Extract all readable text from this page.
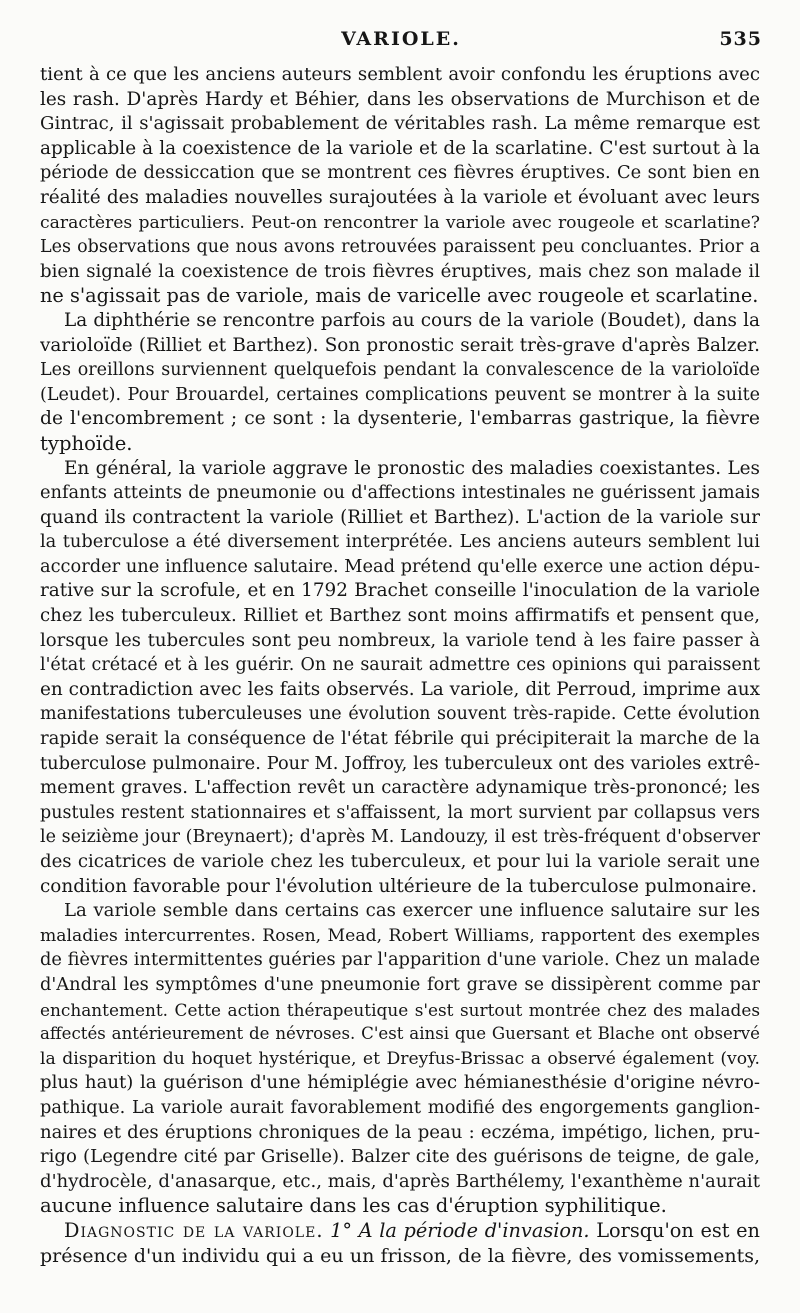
VARIOLE.	535
tient à ce que les anciens auteurs semblent avoir confondu les éruptions avec
les rash. D'après Hardy et Béhier, dans les observations de Murchison et de
Gintrac, il s'agissait probablement de véritables rash. La même remarque est
applicable à la coexistence de la variole et de la scarlatine. C'est surtout à la
période de dessiccation que se montrent ces fièvres éruptives. Ce sont bien en
réalité des maladies nouvelles surajoutées à la variole et évoluant avec leurs
caractères particuliers. Peut-on rencontrer la variole avec rougeole et scarlatine?
Les observations que nous avons retrouvées paraissent peu concluantes. Prior a
bien signalé la coexistence de trois fièvres éruptives, mais chez son malade il
ne s'agissait pas de variole, mais de varicelle avec rougeole et scarlatine.
La diphthérie se rencontre parfois au cours de la variole (Boudet), dans la
varioloïde (Rilliet et Barthez). Son pronostic serait très-grave d'après Balzer.
Les oreillons surviennent quelquefois pendant la convalescence de la varioloïde
(Leudet). Pour Brouardel, certaines complications peuvent se montrer à la suite
de l'encombrement ; ce sont : la dysenterie, l'embarras gastrique, la fièvre
typhoïde.
En général, la variole aggrave le pronostic des maladies coexistantes. Les
enfants atteints de pneumonie ou d'affections intestinales ne guérissent jamais
quand ils contractent la variole (Rilliet et Barthez). L'action de la variole sur
la tuberculose a été diversement interprétée. Les anciens auteurs semblent lui
accorder une influence salutaire. Mead prétend qu'elle exerce une action dépu-
rative sur la scrofule, et en 1792 Brachet conseille l'inoculation de la variole
chez les tuberculeux. Rilliet et Barthez sont moins affirmatifs et pensent que,
lorsque les tubercules sont peu nombreux, la variole tend à les faire passer à
l'état crétacé et à les guérir. On ne saurait admettre ces opinions qui paraissent
en contradiction avec les faits observés. La variole, dit Perroud, imprime aux
manifestations tuberculeuses une évolution souvent très-rapide. Cette évolution
rapide serait la conséquence de l'état fébrile qui précipiterait la marche de la
tuberculose pulmonaire. Pour M. Joffroy, les tuberculeux ont des varioles extrê-
mement graves. L'affection revêt un caractère adynamique très-prononcé; les
pustules restent stationnaires et s'affaissent, la mort survient par collapsus vers
le seizième jour (Breynaert); d'après M. Landouzy, il est très-fréquent d'observer
des cicatrices de variole chez les tuberculeux, et pour lui la variole serait une
condition favorable pour l'évolution ultérieure de la tuberculose pulmonaire.
La variole semble dans certains cas exercer une influence salutaire sur les
maladies intercurrentes. Rosen, Mead, Robert Williams, rapportent des exemples
de fièvres intermittentes guéries par l'apparition d'une variole. Chez un malade
d'Andral les symptômes d'une pneumonie fort grave se dissipèrent comme par
enchantement. Cette action thérapeutique s'est surtout montrée chez des malades
affectés antérieurement de névroses. C'est ainsi que Guersant et Blache ont observé
la disparition du hoquet hystérique, et Dreyfus-Brissac a observé également (voy.
plus haut) la guérison d'une hémiplégie avec hémianesthésie d'origine névro-
pathique. La variole aurait favorablement modifié des engorgements ganglion-
naires et des éruptions chroniques de la peau : eczéma, impétigo, lichen, pru-
rigo (Legendre cité par Griselle). Balzer cite des guérisons de teigne, de gale,
d'hydrocèle, d'anasarque, etc., mais, d'après Barthélemy, l'exanthème n'aurait
aucune influence salutaire dans les cas d'éruption syphilitique.
Diagnostic de la variole. 1° A la période d'invasion. Lorsqu'on est en
présence d'un individu qui a eu un frisson, de la fièvre, des vomissements,
